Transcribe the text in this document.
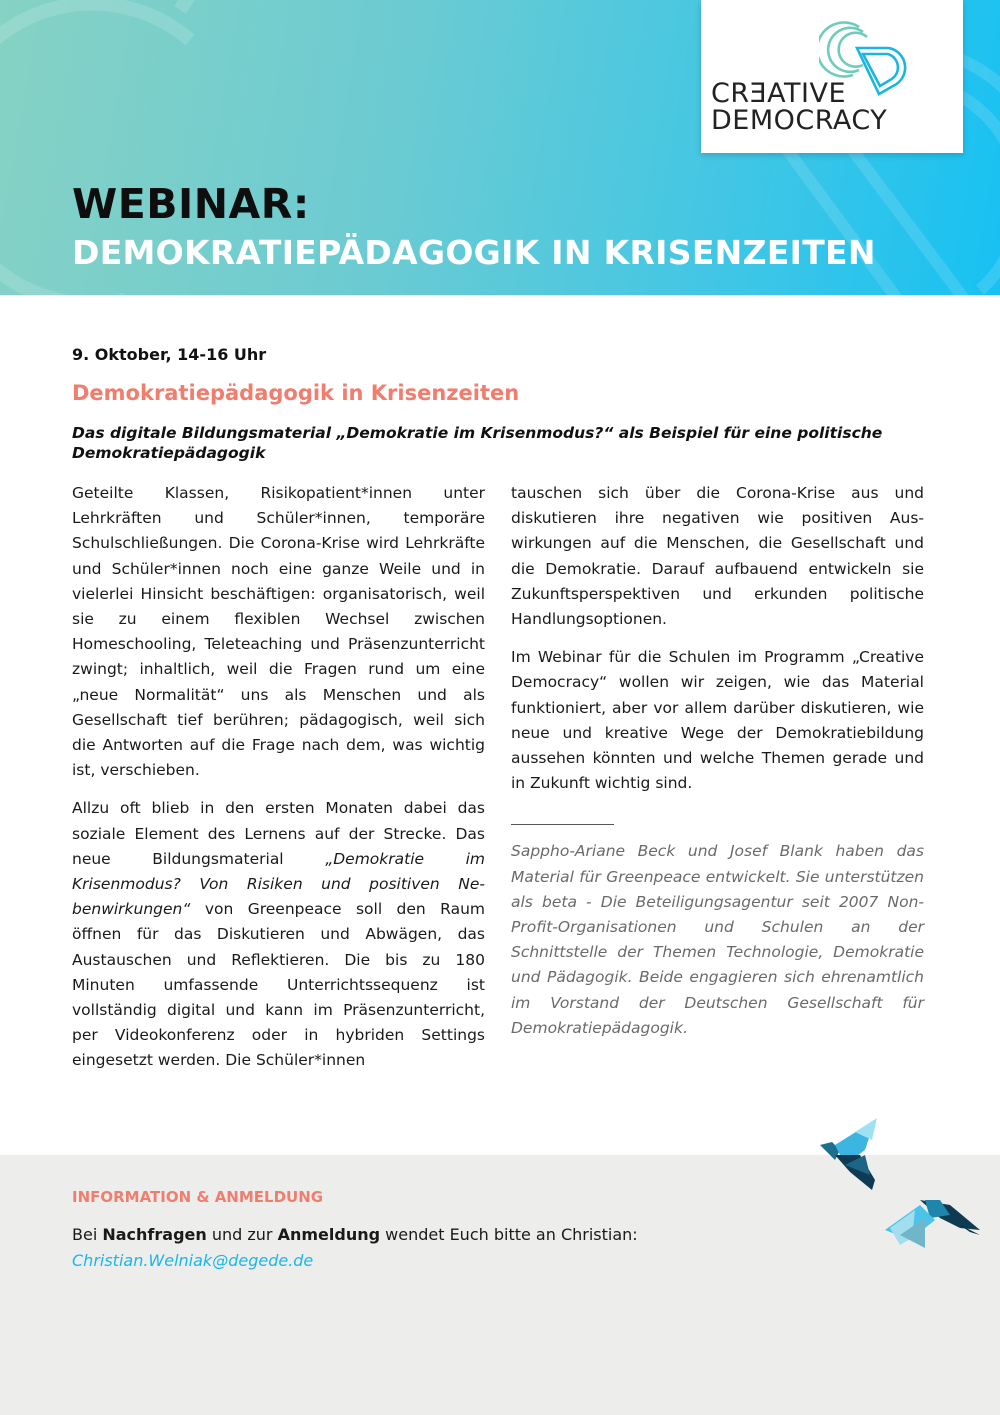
CRƎATIVE
DEMOCRACY
WEBINAR:
DEMOKRATIEPÄDAGOGIK IN KRISENZEITEN
9. Oktober, 14-16 Uhr
Demokratiepädagogik in Krisenzeiten
Das digitale Bildungsmaterial „Demokratie im Krisenmodus?“ als Beispiel für eine politische Demokratiepädagogik

Geteilte Klassen, Risikopatient*innen unter Lehrkräften und Schüler*innen, temporäre Schulschließungen. Die Corona-Krise wird Lehrkräfte und Schüler*innen noch eine ganze Weile und in vielerlei Hinsicht beschäftigen: organisatorisch, weil sie zu einem flexiblen Wechsel zwischen Homeschooling, Teleteaching und Präsenzunterricht zwingt; inhaltlich, weil die Fragen rund um eine „neue Normalität“ uns als Menschen und als Gesellschaft tief berühren; pädagogisch, weil sich die Antworten auf die Frage nach dem, was wichtig ist, verschieben.

Allzu oft blieb in den ersten Monaten dabei das soziale Element des Lernens auf der Strecke. Das neue Bildungsmaterial „Demokratie im Krisenmodus? Von Risiken und positiven Nebenwirkungen“ von Greenpeace soll den Raum öffnen für das Diskutieren und Abwägen, das Austauschen und Reflektieren. Die bis zu 180 Minuten umfassende Unterrichtssequenz ist vollständig digital und kann im Präsenzunterricht, per Videokonferenz oder in hybriden Settings eingesetzt werden. Die Schüler*innen

tauschen sich über die Corona-Krise aus und diskutieren ihre negativen wie positiven Auswirkungen auf die Menschen, die Gesellschaft und die Demokratie. Darauf aufbauend entwickeln sie Zukunftsperspektiven und erkunden politische Handlungsoptionen.

Im Webinar für die Schulen im Programm „Creative Democracy“ wollen wir zeigen, wie das Material funktioniert, aber vor allem darüber diskutieren, wie neue und kreative Wege der Demokratiebildung aussehen könnten und welche Themen gerade und in Zukunft wichtig sind.

Sappho-Ariane Beck und Josef Blank haben das Material für Greenpeace entwickelt. Sie unterstützen als beta - Die Beteiligungsagentur seit 2007 Non-Profit-Organisationen und Schulen an der Schnittstelle der Themen Technologie, Demokratie und Pädagogik. Beide engagieren sich ehrenamtlich im Vorstand der Deutschen Gesellschaft für Demokratiepädagogik.

INFORMATION & ANMELDUNG
Bei Nachfragen und zur Anmeldung wendet Euch bitte an Christian:
Christian.Welniak@degede.de
